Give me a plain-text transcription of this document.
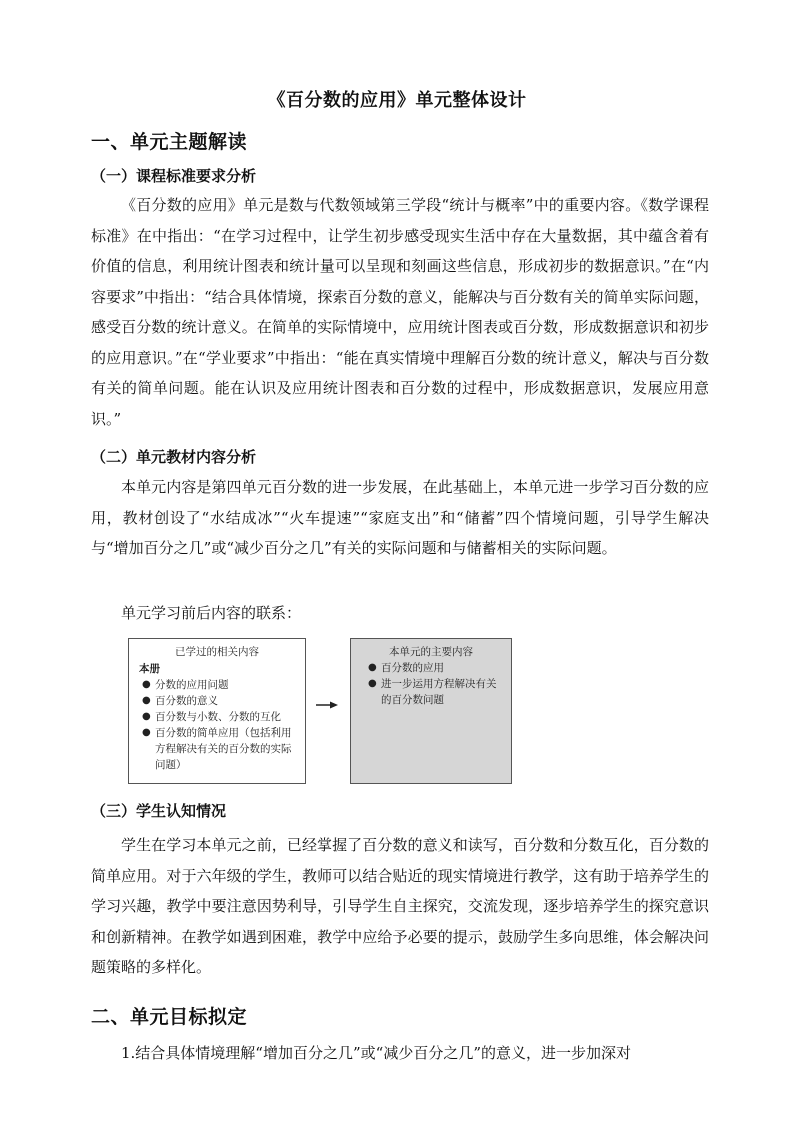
《百分数的应用》单元整体设计
一、单元主题解读
（一）课程标准要求分析
《百分数的应用》单元是数与代数领域第三学段“统计与概率”中的重要内容。《数学课程标准》在中指出：“在学习过程中，让学生初步感受现实生活中存在大量数据，其中蕴含着有价值的信息，利用统计图表和统计量可以呈现和刻画这些信息，形成初步的数据意识。”在“内容要求”中指出：“结合具体情境，探索百分数的意义，能解决与百分数有关的简单实际问题，感受百分数的统计意义。在简单的实际情境中，应用统计图表或百分数，形成数据意识和初步的应用意识。”在“学业要求”中指出：“能在真实情境中理解百分数的统计意义，解决与百分数有关的简单问题。能在认识及应用统计图表和百分数的过程中，形成数据意识，发展应用意识。”
（二）单元教材内容分析
本单元内容是第四单元百分数的进一步发展，在此基础上，本单元进一步学习百分数的应用，教材创设了“水结成冰”“火车提速”“家庭支出”和“储蓄”四个情境问题，引导学生解决与“增加百分之几”或“减少百分之几”有关的实际问题和与储蓄相关的实际问题。
单元学习前后内容的联系：
已学过的相关内容
本册
● 分数的应用问题
● 百分数的意义
● 百分数与小数、分数的互化
● 百分数的简单应用（包括利用方程解决有关的百分数的实际问题）
本单元的主要内容
● 百分数的应用
● 进一步运用方程解决有关的百分数问题
（三）学生认知情况
学生在学习本单元之前，已经掌握了百分数的意义和读写，百分数和分数互化，百分数的简单应用。对于六年级的学生，教师可以结合贴近的现实情境进行教学，这有助于培养学生的学习兴趣，教学中要注意因势利导，引导学生自主探究，交流发现，逐步培养学生的探究意识和创新精神。在教学如遇到困难，教学中应给予必要的提示，鼓励学生多向思维，体会解决问题策略的多样化。
二、单元目标拟定
1.结合具体情境理解“增加百分之几”或“减少百分之几”的意义，进一步加深对
